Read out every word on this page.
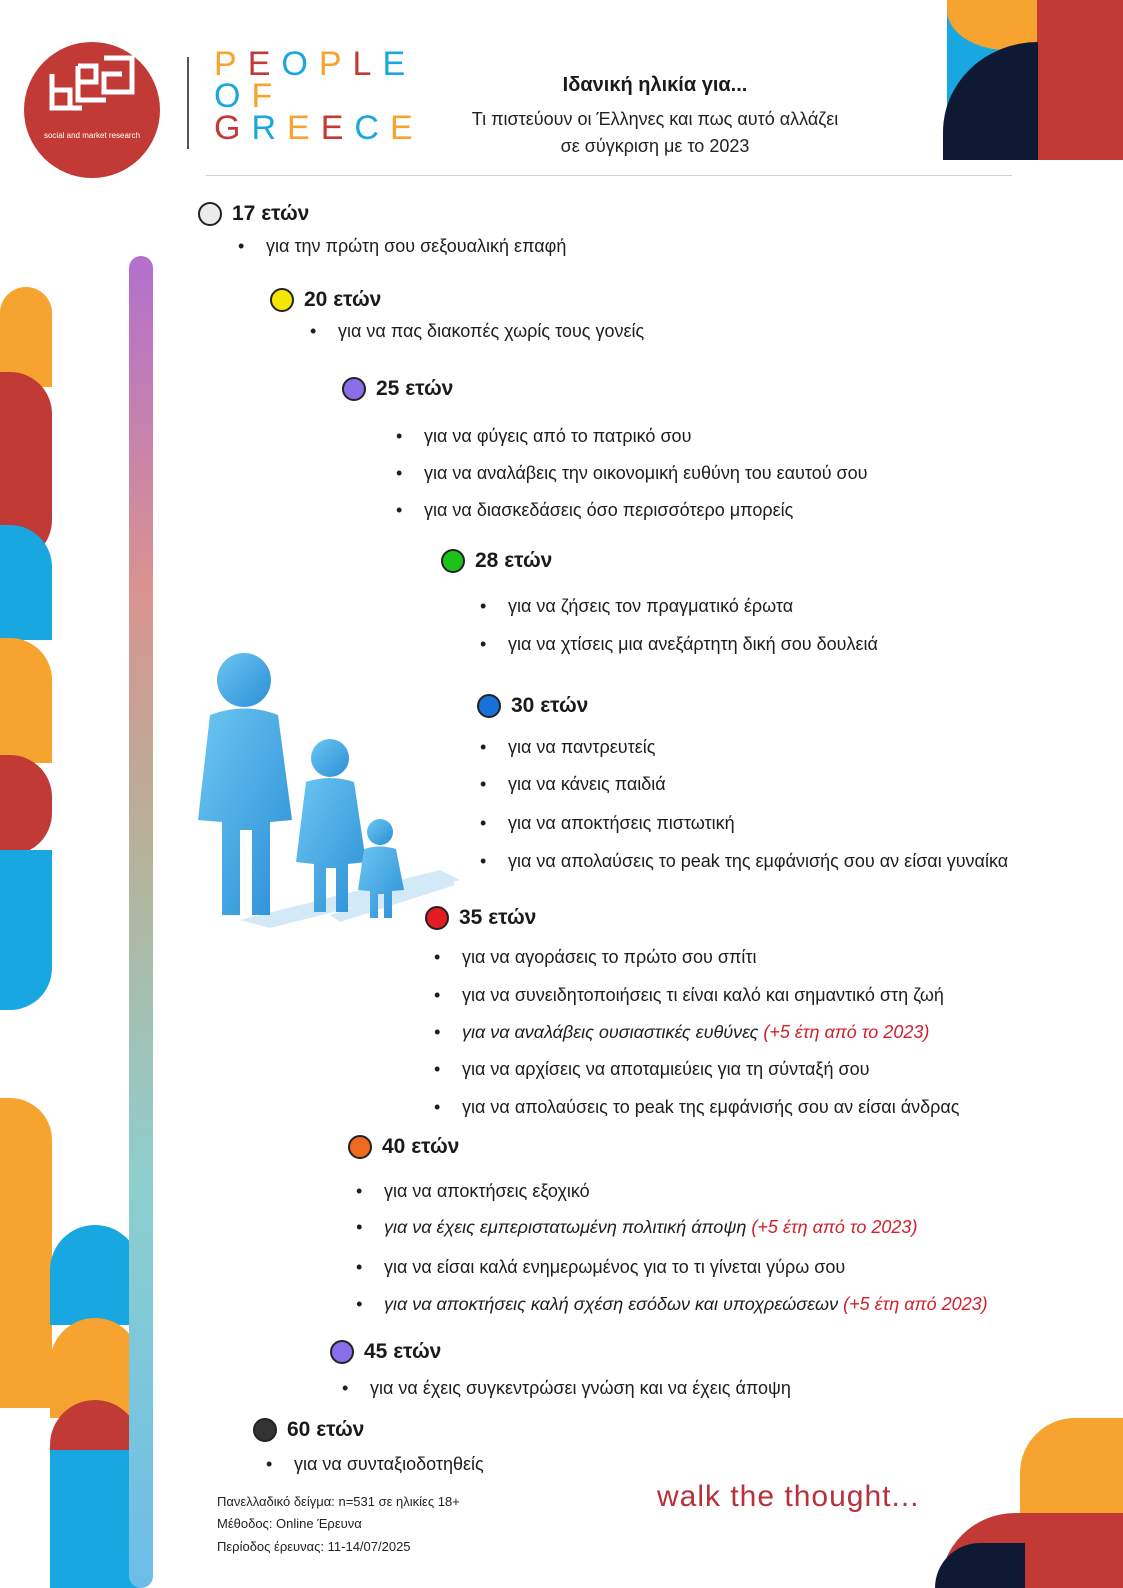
social and market research
PEOPLE
OF
GREECE
Ιδανική ηλικία για...
Τι πιστεύουν οι Έλληνες και πως αυτό αλλάζει
σε σύγκριση με το 2023
17 ετών
• για την πρώτη σου σεξουαλική επαφή
20 ετών
• για να πας διακοπές χωρίς τους γονείς
25 ετών
• για να φύγεις από το πατρικό σου
• για να αναλάβεις την οικονομική ευθύνη του εαυτού σου
• για να διασκεδάσεις όσο περισσότερο μπορείς
28 ετών
• για να ζήσεις τον πραγματικό έρωτα
• για να χτίσεις μια ανεξάρτητη δική σου δουλειά
30 ετών
• για να παντρευτείς
• για να κάνεις παιδιά
• για να αποκτήσεις πιστωτική
• για να απολαύσεις το peak της εμφάνισής σου αν είσαι γυναίκα
35 ετών
• για να αγοράσεις το πρώτο σου σπίτι
• για να συνειδητοποιήσεις τι είναι καλό και σημαντικό στη ζωή
• για να αναλάβεις ουσιαστικές ευθύνες (+5 έτη από το 2023)
• για να αρχίσεις να αποταμιεύεις για τη σύνταξή σου
• για να απολαύσεις το peak της εμφάνισής σου αν είσαι άνδρας
40 ετών
• για να αποκτήσεις εξοχικό
• για να έχεις εμπεριστατωμένη πολιτική άποψη (+5 έτη από το 2023)
• για να είσαι καλά ενημερωμένος για το τι γίνεται γύρω σου
• για να αποκτήσεις καλή σχέση εσόδων και υποχρεώσεων (+5 έτη από 2023)
45 ετών
• για να έχεις συγκεντρώσει γνώση και να έχεις άποψη
60 ετών
• για να συνταξιοδοτηθείς
Πανελλαδικό δείγμα: n=531 σε ηλικίες 18+
Μέθοδος: Online Έρευνα
Περίοδος έρευνας: 11-14/07/2025
walk the thought...
